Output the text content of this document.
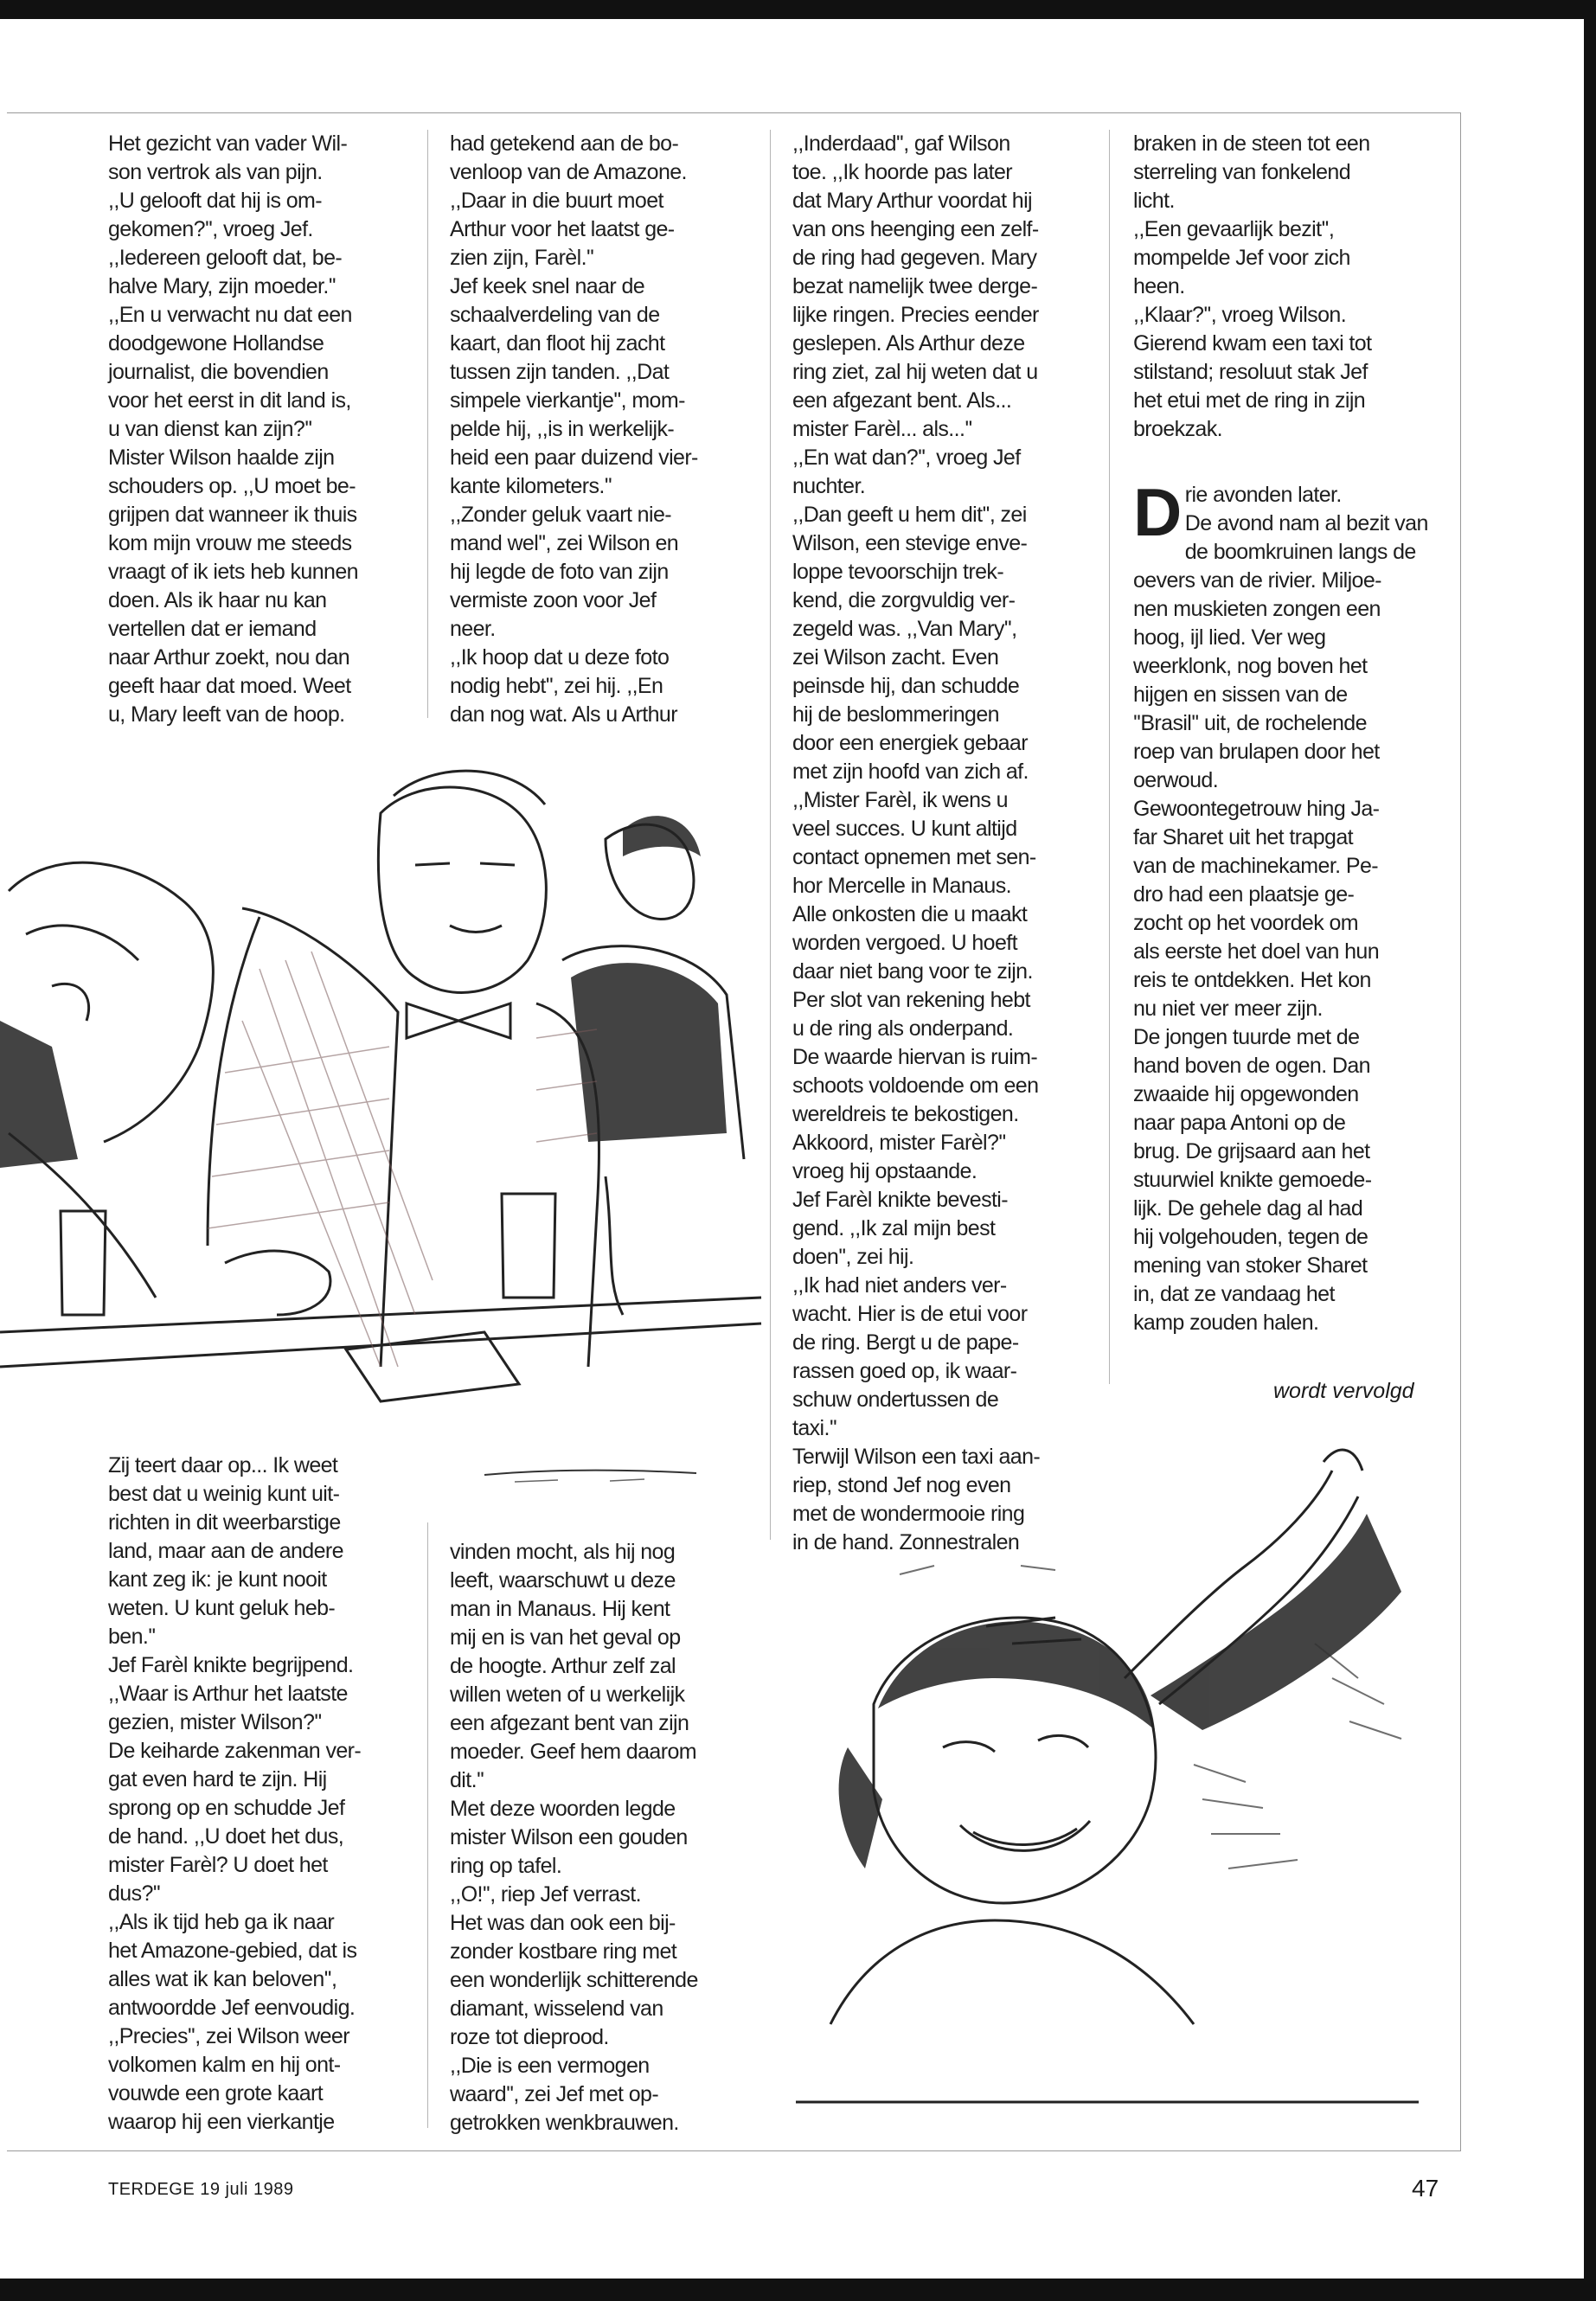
Het gezicht van vader Wil-
son vertrok als van pijn.
,,U gelooft dat hij is om-
gekomen?'', vroeg Jef.
,,Iedereen gelooft dat, be-
halve Mary, zijn moeder.''
,,En u verwacht nu dat een
doodgewone Hollandse
journalist, die bovendien
voor het eerst in dit land is,
u van dienst kan zijn?''
Mister Wilson haalde zijn
schouders op. ,,U moet be-
grijpen dat wanneer ik thuis
kom mijn vrouw me steeds
vraagt of ik iets heb kunnen
doen. Als ik haar nu kan
vertellen dat er iemand
naar Arthur zoekt, nou dan
geeft haar dat moed. Weet
u, Mary leeft van de hoop.
had getekend aan de bo-
venloop van de Amazone.
,,Daar in die buurt moet
Arthur voor het laatst ge-
zien zijn, Farèl.''
Jef keek snel naar de
schaalverdeling van de
kaart, dan floot hij zacht
tussen zijn tanden. ,,Dat
simpele vierkantje'', mom-
pelde hij, ,,is in werkelijk-
heid een paar duizend vier-
kante kilometers.''
,,Zonder geluk vaart nie-
mand wel'', zei Wilson en
hij legde de foto van zijn
vermiste zoon voor Jef
neer.
,,Ik hoop dat u deze foto
nodig hebt'', zei hij. ,,En
dan nog wat. Als u Arthur
,,Inderdaad'', gaf Wilson
toe. ,,Ik hoorde pas later
dat Mary Arthur voordat hij
van ons heenging een zelf-
de ring had gegeven. Mary
bezat namelijk twee derge-
lijke ringen. Precies eender
geslepen. Als Arthur deze
ring ziet, zal hij weten dat u
een afgezant bent. Als...
mister Farèl... als...''
,,En wat dan?'', vroeg Jef
nuchter.
,,Dan geeft u hem dit'', zei
Wilson, een stevige enve-
loppe tevoorschijn trek-
kend, die zorgvuldig ver-
zegeld was. ,,Van Mary'',
zei Wilson zacht. Even
peinsde hij, dan schudde
hij de beslommeringen
door een energiek gebaar
met zijn hoofd van zich af.
,,Mister Farèl, ik wens u
veel succes. U kunt altijd
contact opnemen met sen-
hor Mercelle in Manaus.
Alle onkosten die u maakt
worden vergoed. U hoeft
daar niet bang voor te zijn.
Per slot van rekening hebt
u de ring als onderpand.
De waarde hiervan is ruim-
schoots voldoende om een
wereldreis te bekostigen.
Akkoord, mister Farèl?''
vroeg hij opstaande.
Jef Farèl knikte bevesti-
gend. ,,Ik zal mijn best
doen'', zei hij.
,,Ik had niet anders ver-
wacht. Hier is de etui voor
de ring. Bergt u de pape-
rassen goed op, ik waar-
schuw ondertussen de
taxi.''
Terwijl Wilson een taxi aan-
riep, stond Jef nog even
met de wondermooie ring
in de hand. Zonnestralen
braken in de steen tot een
sterreling van fonkelend
licht.
,,Een gevaarlijk bezit'',
mompelde Jef voor zich
heen.
,,Klaar?'', vroeg Wilson.
Gierend kwam een taxi tot
stilstand; resoluut stak Jef
het etui met de ring in zijn
broekzak.
Drie avonden later.
De avond nam al bezit van
de boomkruinen langs de
oevers van de rivier. Miljoe-
nen muskieten zongen een
hoog, ijl lied. Ver weg
weerklonk, nog boven het
hijgen en sissen van de
''Brasil'' uit, de rochelende
roep van brulapen door het
oerwoud.
Gewoontegetrouw hing Ja-
far Sharet uit het trapgat
van de machinekamer. Pe-
dro had een plaatsje ge-
zocht op het voordek om
als eerste het doel van hun
reis te ontdekken. Het kon
nu niet ver meer zijn.
De jongen tuurde met de
hand boven de ogen. Dan
zwaaide hij opgewonden
naar papa Antoni op de
brug. De grijsaard aan het
stuurwiel knikte gemoede-
lijk. De gehele dag al had
hij volgehouden, tegen de
mening van stoker Sharet
in, dat ze vandaag het
kamp zouden halen.
wordt vervolgd
Zij teert daar op... Ik weet
best dat u weinig kunt uit-
richten in dit weerbarstige
land, maar aan de andere
kant zeg ik: je kunt nooit
weten. U kunt geluk heb-
ben.''
Jef Farèl knikte begrijpend.
,,Waar is Arthur het laatste
gezien, mister Wilson?''
De keiharde zakenman ver-
gat even hard te zijn. Hij
sprong op en schudde Jef
de hand. ,,U doet het dus,
mister Farèl? U doet het
dus?''
,,Als ik tijd heb ga ik naar
het Amazone-gebied, dat is
alles wat ik kan beloven'',
antwoordde Jef eenvoudig.
,,Precies'', zei Wilson weer
volkomen kalm en hij ont-
vouwde een grote kaart
waarop hij een vierkantje
vinden mocht, als hij nog
leeft, waarschuwt u deze
man in Manaus. Hij kent
mij en is van het geval op
de hoogte. Arthur zelf zal
willen weten of u werkelijk
een afgezant bent van zijn
moeder. Geef hem daarom
dit.''
Met deze woorden legde
mister Wilson een gouden
ring op tafel.
,,O!'', riep Jef verrast.
Het was dan ook een bij-
zonder kostbare ring met
een wonderlijk schitterende
diamant, wisselend van
roze tot dieprood.
,,Die is een vermogen
waard'', zei Jef met op-
getrokken wenkbrauwen.
TERDEGE 19 juli 1989	47
